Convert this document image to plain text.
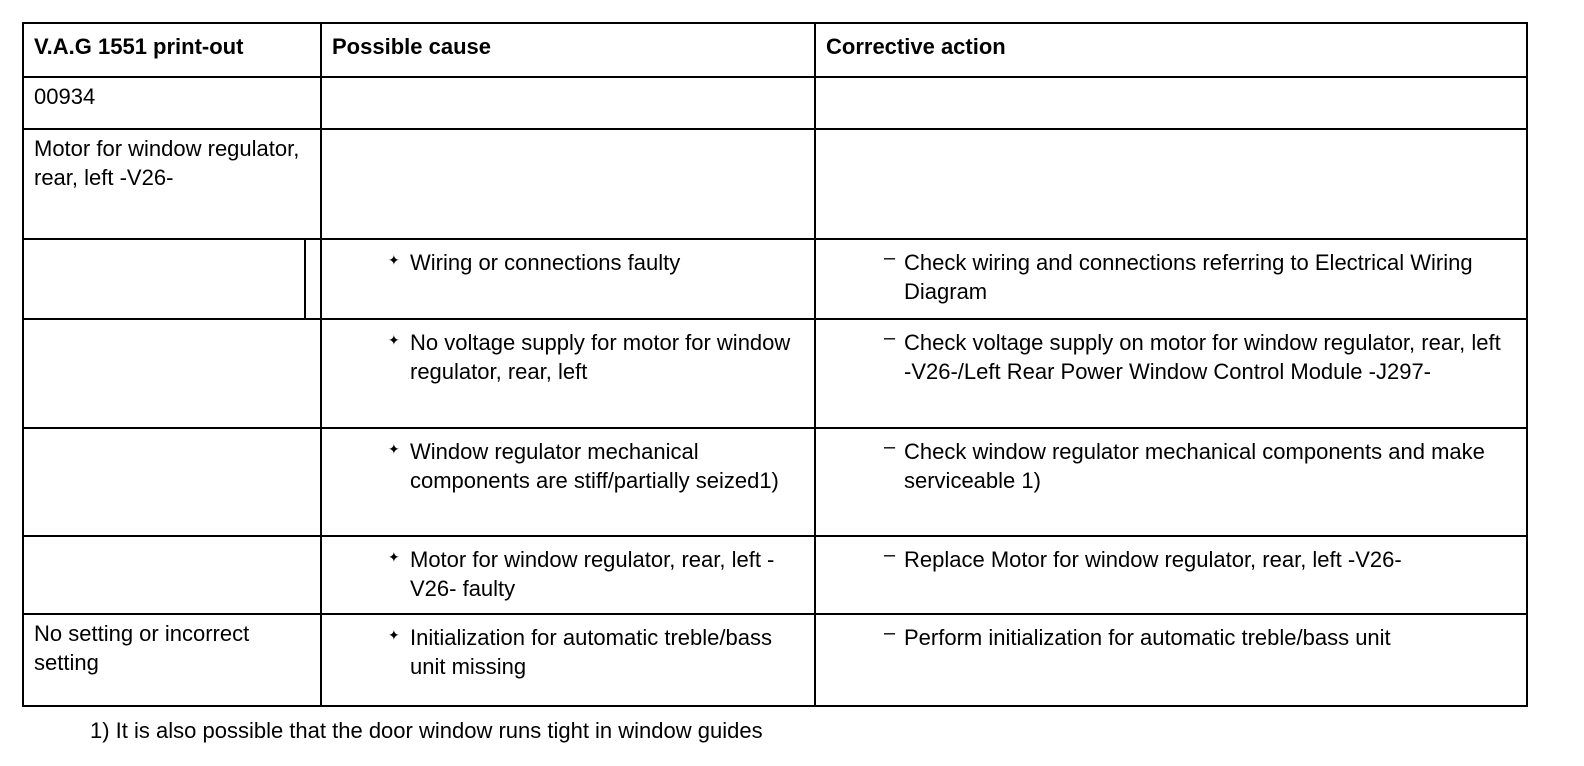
V.A.G 1551 print-out	Possible cause	Corrective action
00934		
Motor for window regulator, rear, left -V26-		

	✦ Wiring or connections faulty	– Check wiring and connections referring to Electrical Wiring Diagram

	✦ No voltage supply for motor for window regulator, rear, left	– Check voltage supply on motor for window regulator, rear, left -V26-/Left Rear Power Window Control Module -J297-

	✦ Window regulator mechanical components are stiff/partially seized1)	– Check window regulator mechanical components and make serviceable 1)

	✦ Motor for window regulator, rear, left -V26- faulty	– Replace Motor for window regulator, rear, left -V26-

No setting or incorrect setting	✦ Initialization for automatic treble/bass unit missing	– Perform initialization for automatic treble/bass unit
1) It is also possible that the door window runs tight in window guides
